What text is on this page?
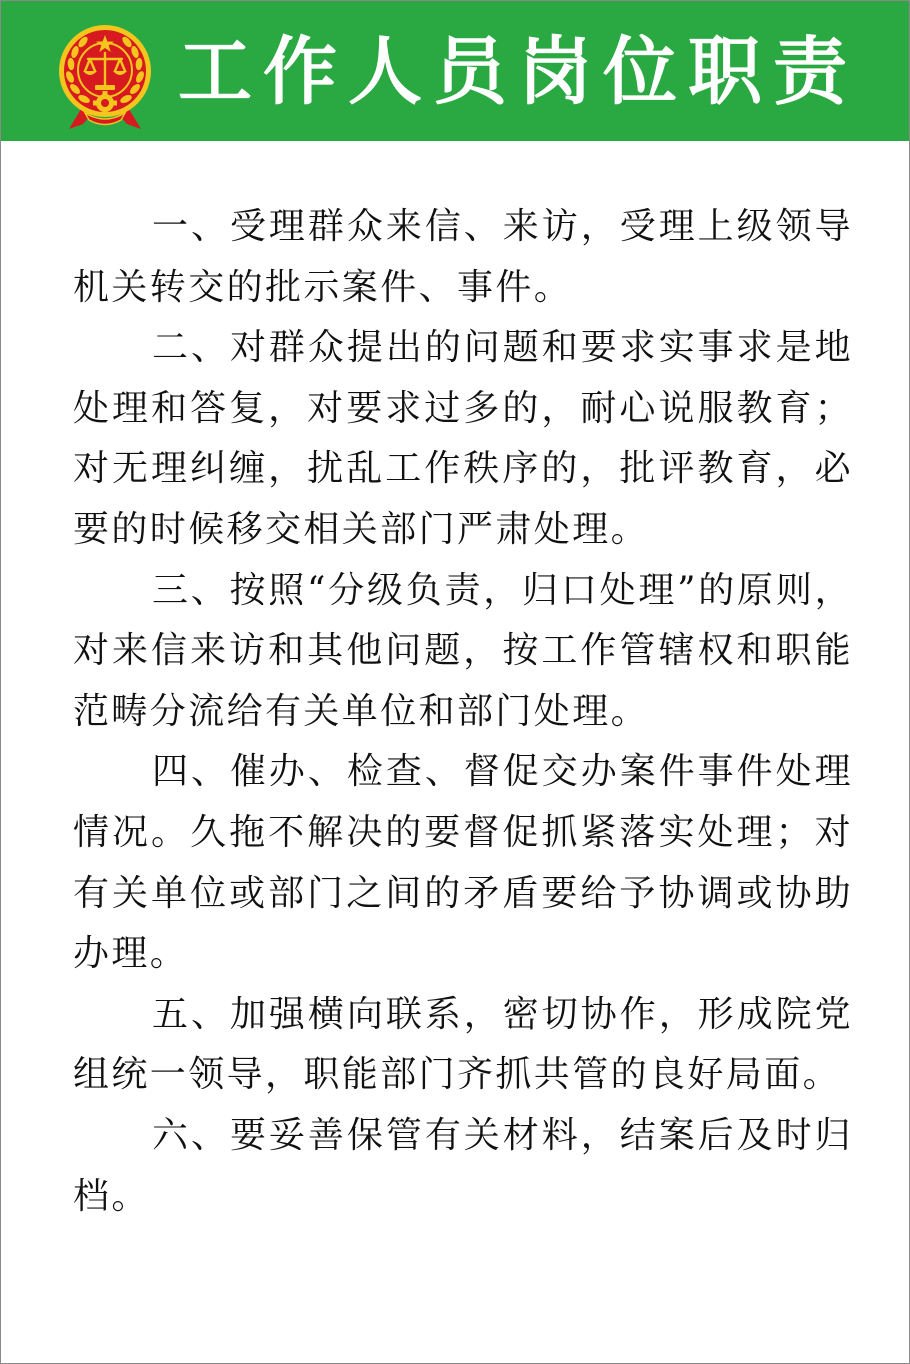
工作人员岗位职责

一、受理群众来信、来访，受理上级领导机关转交的批示案件、事件。

二、对群众提出的问题和要求实事求是地处理和答复，对要求过多的，耐心说服教育；对无理纠缠，扰乱工作秩序的，批评教育，必要的时候移交相关部门严肃处理。

三、按照“分级负责，归口处理”的原则，对来信来访和其他问题，按工作管辖权和职能范畴分流给有关单位和部门处理。

四、催办、检查、督促交办案件事件处理情况。久拖不解决的要督促抓紧落实处理；对有关单位或部门之间的矛盾要给予协调或协助办理。

五、加强横向联系，密切协作，形成院党组统一领导，职能部门齐抓共管的良好局面。

六、要妥善保管有关材料，结案后及时归档。
